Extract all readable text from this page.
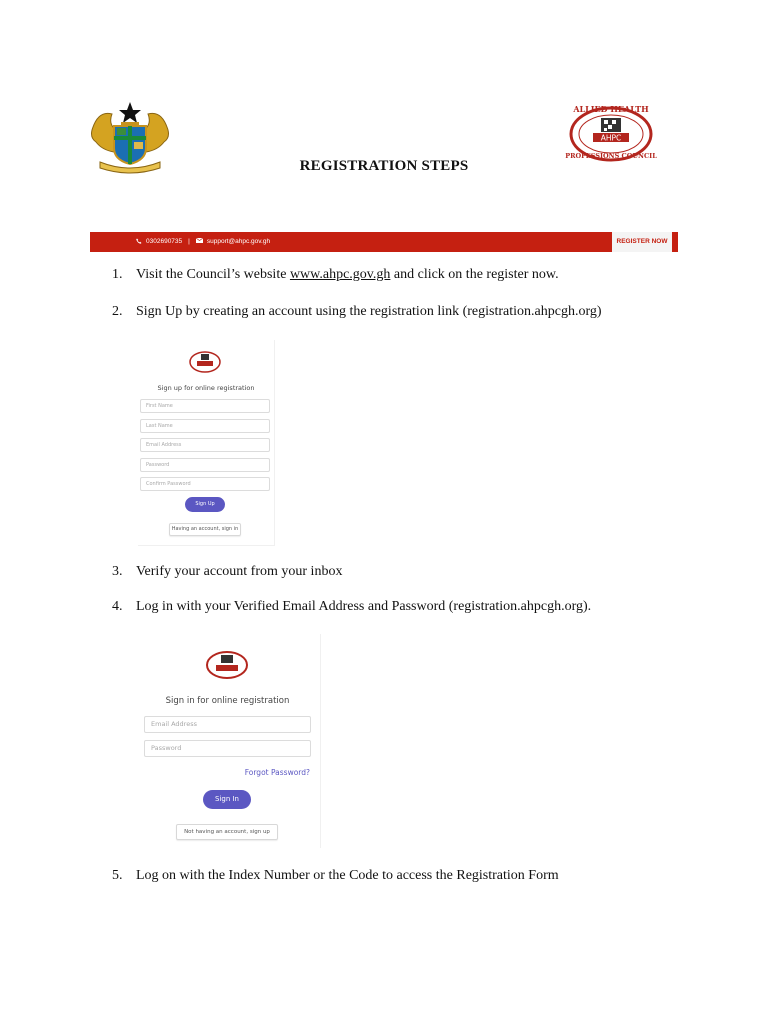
ALLIED HEALTH
AHPC
PROFESSIONS COUNCIL
REGISTRATION STEPS
0302690735 |	support@ahpc.gov.gh	REGISTER NOW
1. Visit the Council’s website www.ahpc.gov.gh and click on the register now.
2. Sign Up by creating an account using the registration link (registration.ahpcgh.org)
Sign up for online registration
First Name
Last Name
Email Address
Password
Confirm Password
Sign Up
Having an account, sign in
3. Verify your account from your inbox
4. Log in with your Verified Email Address and Password (registration.ahpcgh.org).
Sign in for online registration
Email Address
Password
Forgot Password?
Sign In
Not having an account, sign up
5. Log on with the Index Number or the Code to access the Registration Form
